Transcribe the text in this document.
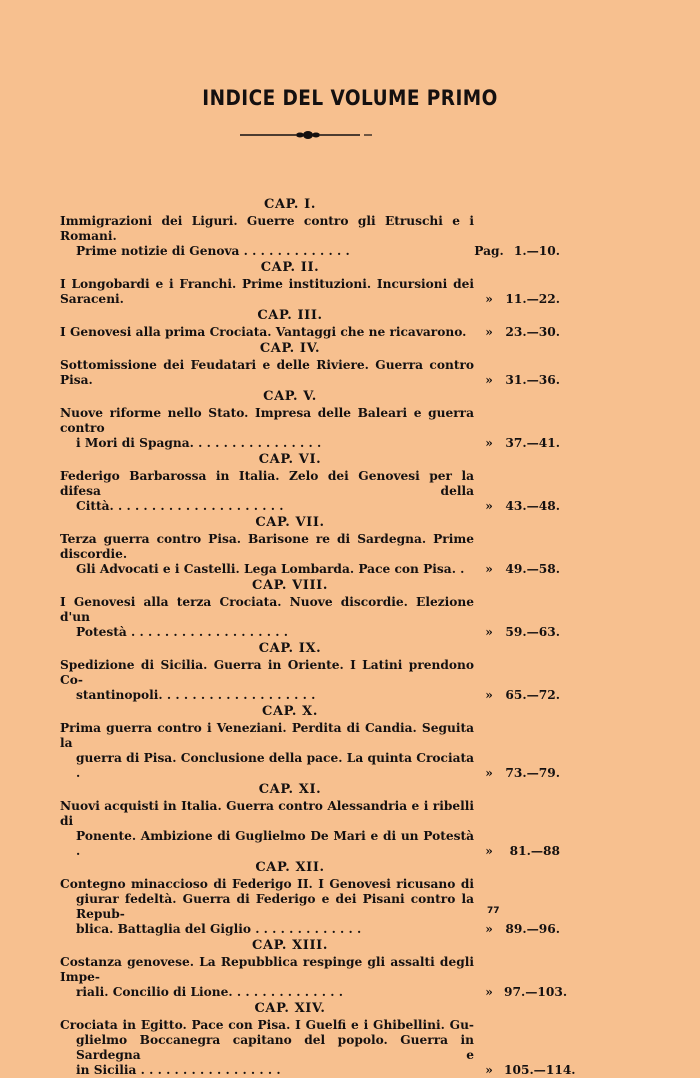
INDICE DEL VOLUME PRIMO
CAP. I.
Immigrazioni dei Liguri. Guerre contro gli Etruschi e i Romani.
Prime notizie di Genova . . . . . . . . . . . . .	Pag. 1.—10.
CAP. II.
I Longobardi e i Franchi. Prime instituzioni. Incursioni dei Saraceni.	»	11.—22.
CAP. III.
I Genovesi alla prima Crociata. Vantaggi che ne ricavarono.	»	23.—30.
CAP. IV.
Sottomissione dei Feudatari e delle Riviere. Guerra contro Pisa.	»	31.—36.
CAP. V.
Nuove riforme nello Stato. Impresa delle Baleari e guerra contro
i Mori di Spagna. . . . . . . . . . . . . . . .	»	37.—41.
CAP. VI.
Federigo Barbarossa in Italia. Zelo dei Genovesi per la difesa della
Città. . . . . . . . . . . . . . . . . . . . .	»	43.—48.
CAP. VII.
Terza guerra contro Pisa. Barisone re di Sardegna. Prime discordie.
Gli Advocati e i Castelli. Lega Lombarda. Pace con Pisa. .	»	49.—58.
CAP. VIII.
I Genovesi alla terza Crociata. Nuove discordie. Elezione d'un
Potestà . . . . . . . . . . . . . . . . . . .	»	59.—63.
CAP. IX.
Spedizione di Sicilia. Guerra in Oriente. I Latini prendono Co-
stantinopoli. . . . . . . . . . . . . . . . . . .	»	65.—72.
CAP. X.
Prima guerra contro i Veneziani. Perdita di Candia. Seguita la
guerra di Pisa. Conclusione della pace. La quinta Crociata .	»	73.—79.
CAP. XI.
Nuovi acquisti in Italia. Guerra contro Alessandria e i ribelli di
Ponente. Ambizione di Guglielmo De Mari e di un Potestà .	»	81.—88
CAP. XII.
Contegno minaccioso di Federigo II. I Genovesi ricusano di
giurar fedeltà. Guerra di Federigo e dei Pisani contro la Repub-
blica. Battaglia del Giglio . . . . . . . . . . . . .	»	89.—96.
CAP. XIII.
Costanza genovese. La Repubblica respinge gli assalti degli Impe-
riali. Concilio di Lione. . . . . . . . . . . . . .	» 97.—103.
CAP. XIV.
Crociata in Egitto. Pace con Pisa. I Guelfi e i Ghibellini. Gu-
glielmo Boccanegra capitano del popolo. Guerra in Sardegna e
in Sicilia . . . . . . . . . . . . . . . . .	» 105.—114.
77
